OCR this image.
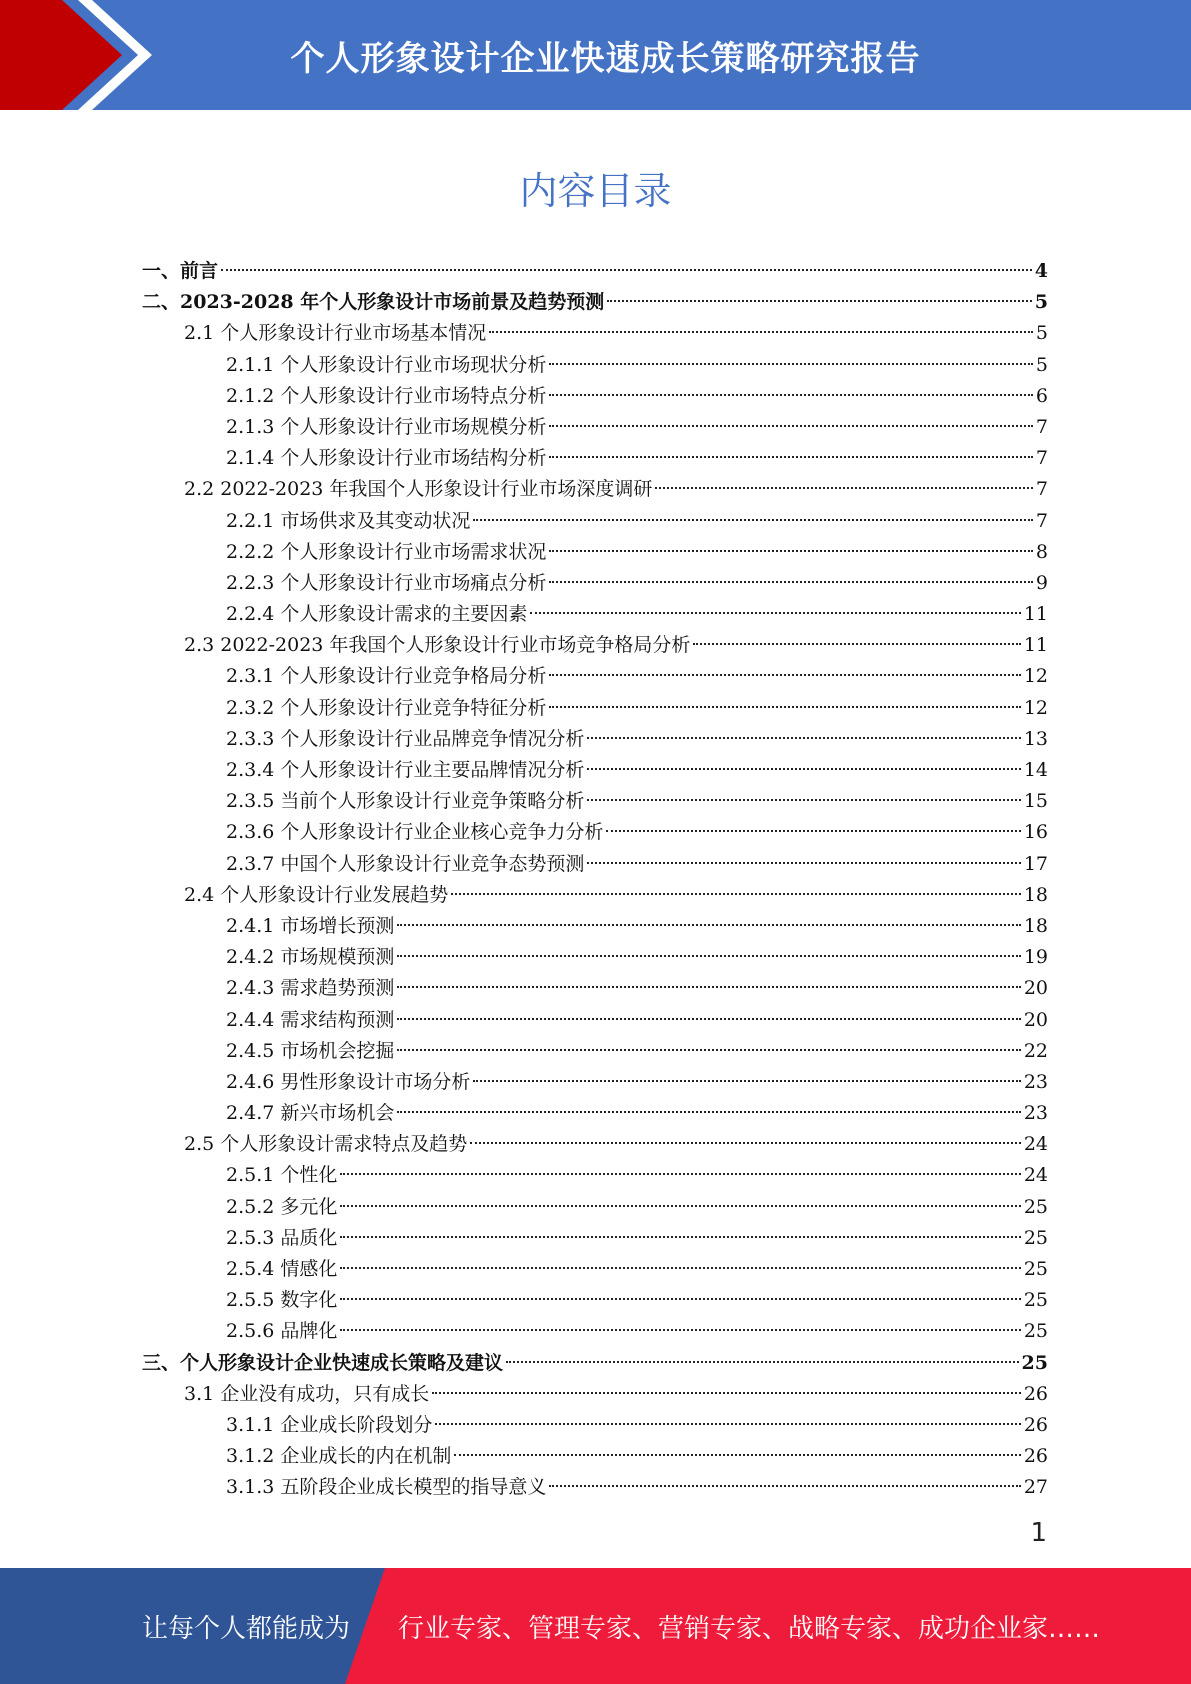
个人形象设计企业快速成长策略研究报告
内容目录
一、前言	4
二、2023-2028 年个人形象设计市场前景及趋势预测	5
2.1 个人形象设计行业市场基本情况	5
2.1.1 个人形象设计行业市场现状分析	5
2.1.2 个人形象设计行业市场特点分析	6
2.1.3 个人形象设计行业市场规模分析	7
2.1.4 个人形象设计行业市场结构分析	7
2.2 2022-2023 年我国个人形象设计行业市场深度调研	7
2.2.1 市场供求及其变动状况	7
2.2.2 个人形象设计行业市场需求状况	8
2.2.3 个人形象设计行业市场痛点分析	9
2.2.4 个人形象设计需求的主要因素	11
2.3 2022-2023 年我国个人形象设计行业市场竞争格局分析	11
2.3.1 个人形象设计行业竞争格局分析	12
2.3.2 个人形象设计行业竞争特征分析	12
2.3.3 个人形象设计行业品牌竞争情况分析	13
2.3.4 个人形象设计行业主要品牌情况分析	14
2.3.5 当前个人形象设计行业竞争策略分析	15
2.3.6 个人形象设计行业企业核心竞争力分析	16
2.3.7 中国个人形象设计行业竞争态势预测	17
2.4 个人形象设计行业发展趋势	18
2.4.1 市场增长预测	18
2.4.2 市场规模预测	19
2.4.3 需求趋势预测	20
2.4.4 需求结构预测	20
2.4.5 市场机会挖掘	22
2.4.6 男性形象设计市场分析	23
2.4.7 新兴市场机会	23
2.5 个人形象设计需求特点及趋势	24
2.5.1 个性化	24
2.5.2 多元化	25
2.5.3 品质化	25
2.5.4 情感化	25
2.5.5 数字化	25
2.5.6 品牌化	25
三、个人形象设计企业快速成长策略及建议	25
3.1 企业没有成功，只有成长	26
3.1.1 企业成长阶段划分	26
3.1.2 企业成长的内在机制	26
3.1.3 五阶段企业成长模型的指导意义	27
1
让每个人都能成为 行业专家、管理专家、营销专家、战略专家、成功企业家……
